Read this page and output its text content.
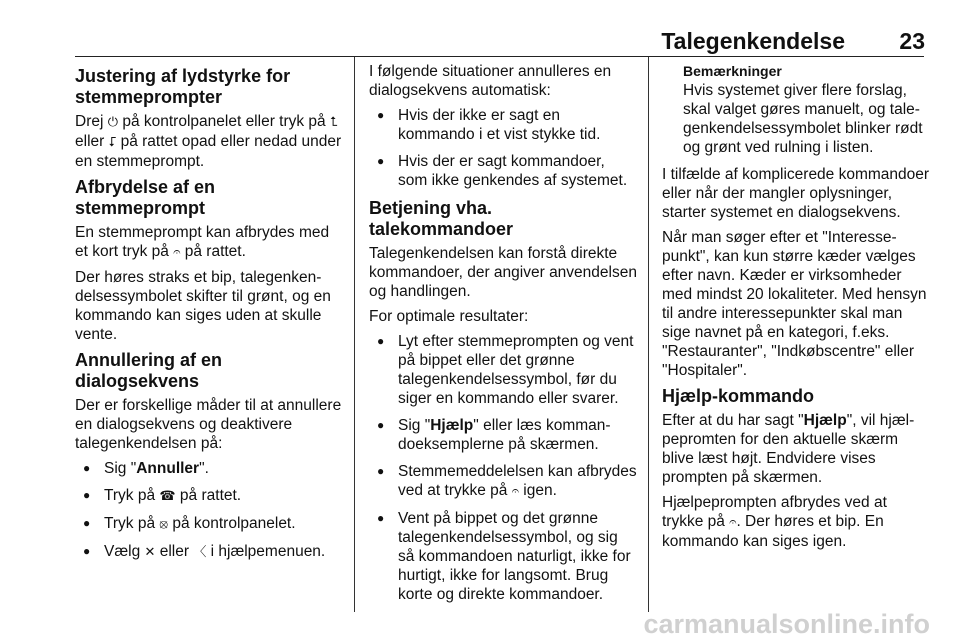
Talegenkendelse 23
Justering af lydstyrke for stemmeprompter

Drej ⏻ på kontrolpanelet eller tryk på ⮤ eller ⮦ på rattet opad eller nedad under en stemmeprompt.

Afbrydelse af en stemmeprompt

En stemmeprompt kan afbrydes med et kort tryk på 𝄐 på rattet.

Der høres straks et bip, talegenkendelsessymbolet skifter til grønt, og en kommando kan siges uden at skulle vente.

Annullering af en dialogsekvens

Der er forskellige måder til at annullere en dialogsekvens og deaktivere talegenkendelsen på:

● Sig "Annuller".
● Tryk på ☎ på rattet.
● Tryk på ⦻ på kontrolpanelet.
● Vælg ✕ eller 〈 i hjælpemenuen.

I følgende situationer annulleres en dialogsekvens automatisk:

● Hvis der ikke er sagt en kommando i et vist stykke tid.
● Hvis der er sagt kommandoer, som ikke genkendes af systemet.
Betjening vha. talekommandoer

Talegenkendelsen kan forstå direkte kommandoer, der angiver anvendelsen og handlingen.

For optimale resultater:

● Lyt efter stemmeprompten og vent på bippet eller det grønne talegenkendelsessymbol, før du siger en kommando eller svarer.
● Sig "Hjælp" eller læs kommandoeksemplerne på skærmen.
● Stemmemeddelelsen kan afbrydes ved at trykke på 𝄐 igen.
● Vent på bippet og det grønne talegenkendelsessymbol, og sig så kommandoen naturligt, ikke for hurtigt, ikke for langsomt. Brug korte og direkte kommandoer.
Bemærkninger
Hvis systemet giver flere forslag, skal valget gøres manuelt, og talegenkendelsessymbolet blinker rødt og grønt ved rulning i listen.

I tilfælde af komplicerede kommandoer eller når der mangler oplysninger, starter systemet en dialogsekvens.

Når man søger efter et "Interessepunkt", kan kun større kæder vælges efter navn. Kæder er virksomheder med mindst 20 lokaliteter. Med hensyn til andre interessepunkter skal man sige navnet på en kategori, f.eks. "Restauranter", "Indkøbscentre" eller "Hospitaler".

Hjælp-kommando

Efter at du har sagt "Hjælp", vil hjælpepromten for den aktuelle skærm blive læst højt. Endvidere vises prompten på skærmen.

Hjælpeprompten afbrydes ved at trykke på 𝄐. Der høres et bip. En kommando kan siges igen.

carmanualsonline.info
